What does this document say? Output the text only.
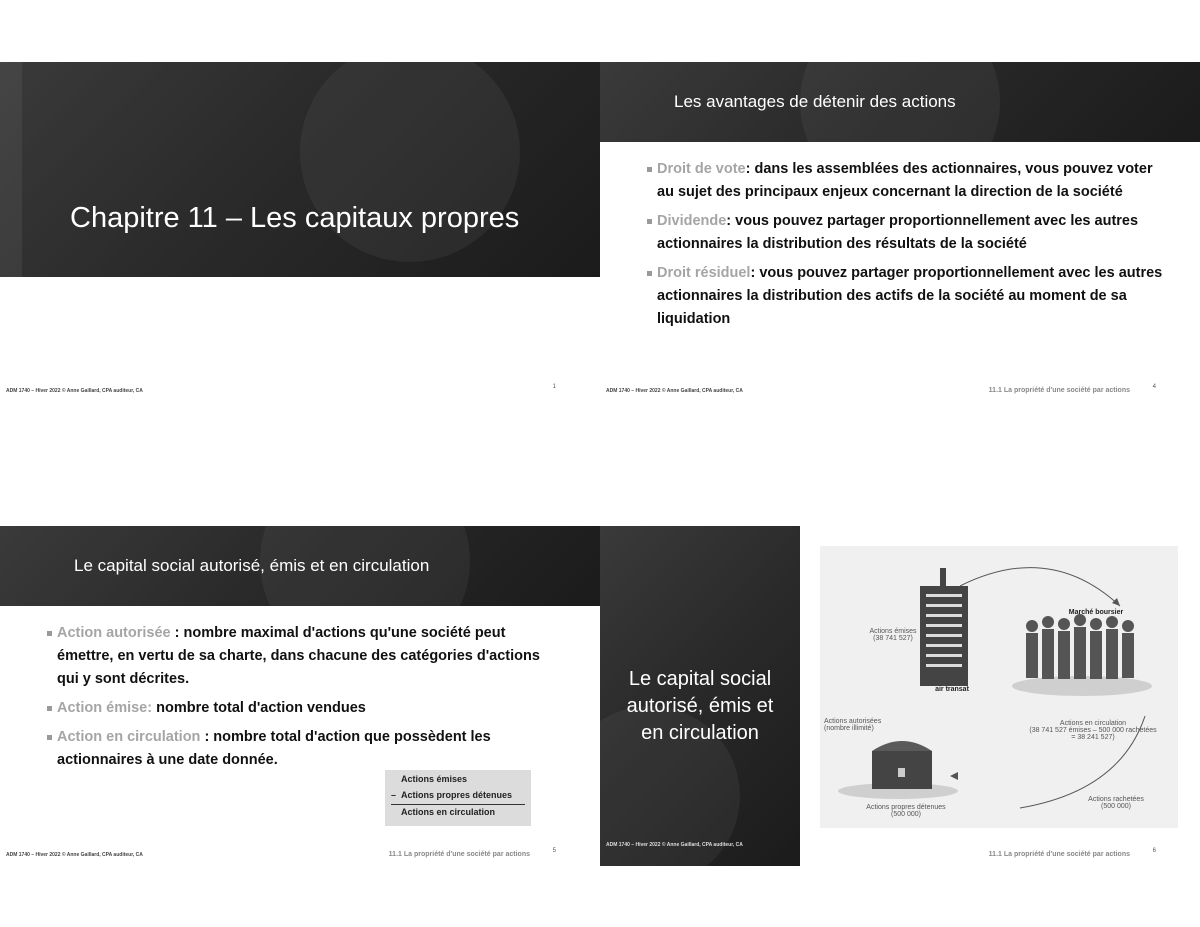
Chapitre 11 – Les capitaux propres
ADM 1740 – Hiver 2022 © Anne Gaillard, CPA auditeur, CA
1
Les avantages de détenir des actions
Droit de vote: dans les assemblées des actionnaires, vous pouvez voter au sujet des principaux enjeux concernant la direction de la société
Dividende: vous pouvez partager proportionnellement avec les autres actionnaires la distribution des résultats de la société
Droit résiduel: vous pouvez partager proportionnellement avec les autres actionnaires la distribution des actifs de la société au moment de sa liquidation
ADM 1740 – Hiver 2022 © Anne Gaillard, CPA auditeur, CA	11.1 La propriété d'une société par actions	4
Le capital social autorisé, émis et en circulation
Action autorisée : nombre maximal d'actions qu'une société peut émettre, en vertu de sa charte, dans chacune des catégories d'actions qui y sont décrites.
Action émise: nombre total d'action vendues
Action en circulation : nombre total d'action que possèdent les actionnaires à une date donnée.
Actions émises
– Actions propres détenues
Actions en circulation
ADM 1740 – Hiver 2022 © Anne Gaillard, CPA auditeur, CA	11.1 La propriété d'une société par actions	5
Le capital social
autorisé, émis et
en circulation
ADM 1740 – Hiver 2022 © Anne Gaillard, CPA auditeur, CA
Actions émises
(38 741 527)
air transat
Marché boursier
Actions autorisées
(nombre illimité)
Actions en circulation
(38 741 527 émises – 500 000 rachetées
= 38 241 527)
Actions propres détenues
(500 000)
Actions rachetées
(500 000)
11.1 La propriété d'une société par actions	6
